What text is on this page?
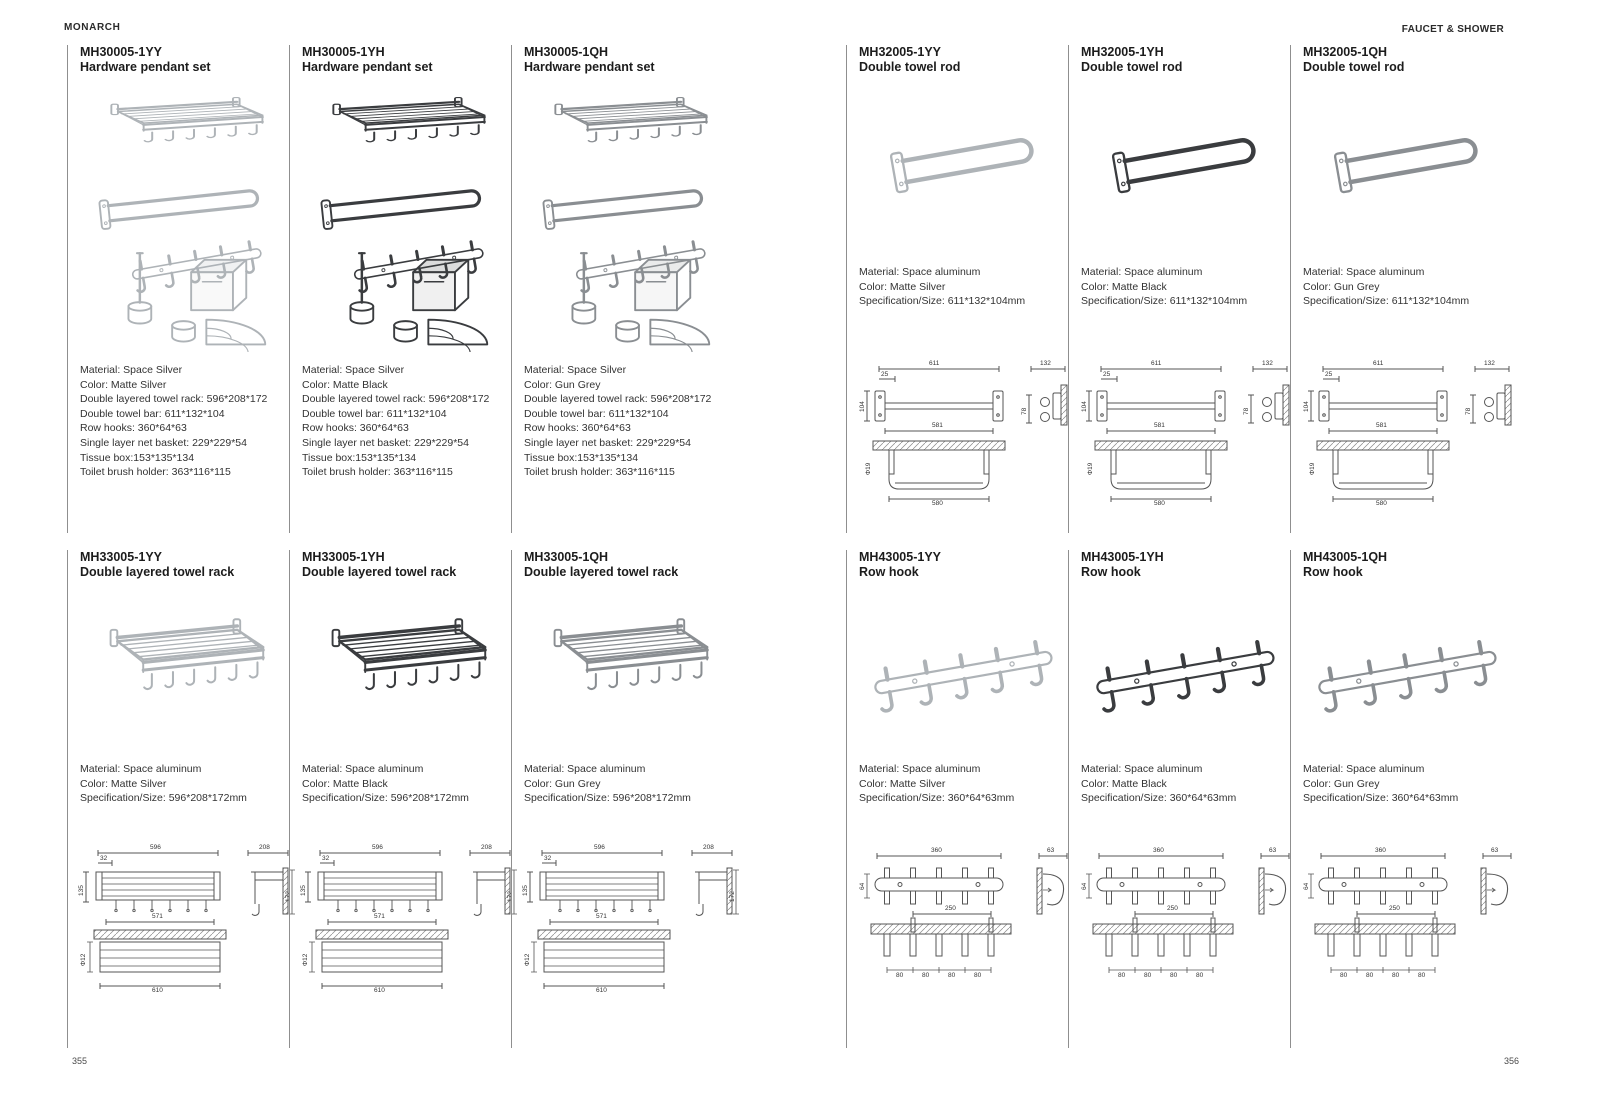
MONARCH	FAUCET & SHOWER
355	356
MH30005-1YY
Hardware pendant set
Material: Space Silver
Color: Matte Silver
Double layered towel rack: 596*208*172
Double towel bar: 611*132*104
Row hooks: 360*64*63
Single layer net basket: 229*229*54
Tissue box:153*135*134
Toilet brush holder: 363*116*115
MH30005-1YH
Hardware pendant set
Material: Space Silver
Color: Matte Black
Double layered towel rack: 596*208*172
Double towel bar: 611*132*104
Row hooks: 360*64*63
Single layer net basket: 229*229*54
Tissue box:153*135*134
Toilet brush holder: 363*116*115
MH30005-1QH
Hardware pendant set
Material: Space Silver
Color: Gun Grey
Double layered towel rack: 596*208*172
Double towel bar: 611*132*104
Row hooks: 360*64*63
Single layer net basket: 229*229*54
Tissue box:153*135*134
Toilet brush holder: 363*116*115
MH32005-1YY
Double towel rod
Material: Space aluminum
Color: Matte Silver
Specification/Size: 611*132*104mm
611
25
104
132
78
581
Φ19
580
MH32005-1YH
Double towel rod
Material: Space aluminum
Color: Matte Black
Specification/Size: 611*132*104mm
611
25
104
132
78
581
Φ19
580
MH32005-1QH
Double towel rod
Material: Space aluminum
Color: Gun Grey
Specification/Size: 611*132*104mm
611
25
104
132
78
581
Φ19
580
MH33005-1YY
Double layered towel rack
Material: Space aluminum
Color: Matte Silver
Specification/Size: 596*208*172mm
596
32
135
208
172
571
Φ12
610
MH33005-1YH
Double layered towel rack
Material: Space aluminum
Color: Matte Black
Specification/Size: 596*208*172mm
596
32
135
208
172
571
Φ12
610
MH33005-1QH
Double layered towel rack
Material: Space aluminum
Color: Gun Grey
Specification/Size: 596*208*172mm
596
32
135
208
172
571
Φ12
610
MH43005-1YY
Row hook
Material: Space aluminum
Color: Matte Silver
Specification/Size: 360*64*63mm
360
64
63
250
80	80	80	80
MH43005-1YH
Row hook
Material: Space aluminum
Color: Matte Black
Specification/Size: 360*64*63mm
360
64
63
250
80	80	80	80
MH43005-1QH
Row hook
Material: Space aluminum
Color: Gun Grey
Specification/Size: 360*64*63mm
360
64
63
250
80	80	80	80
